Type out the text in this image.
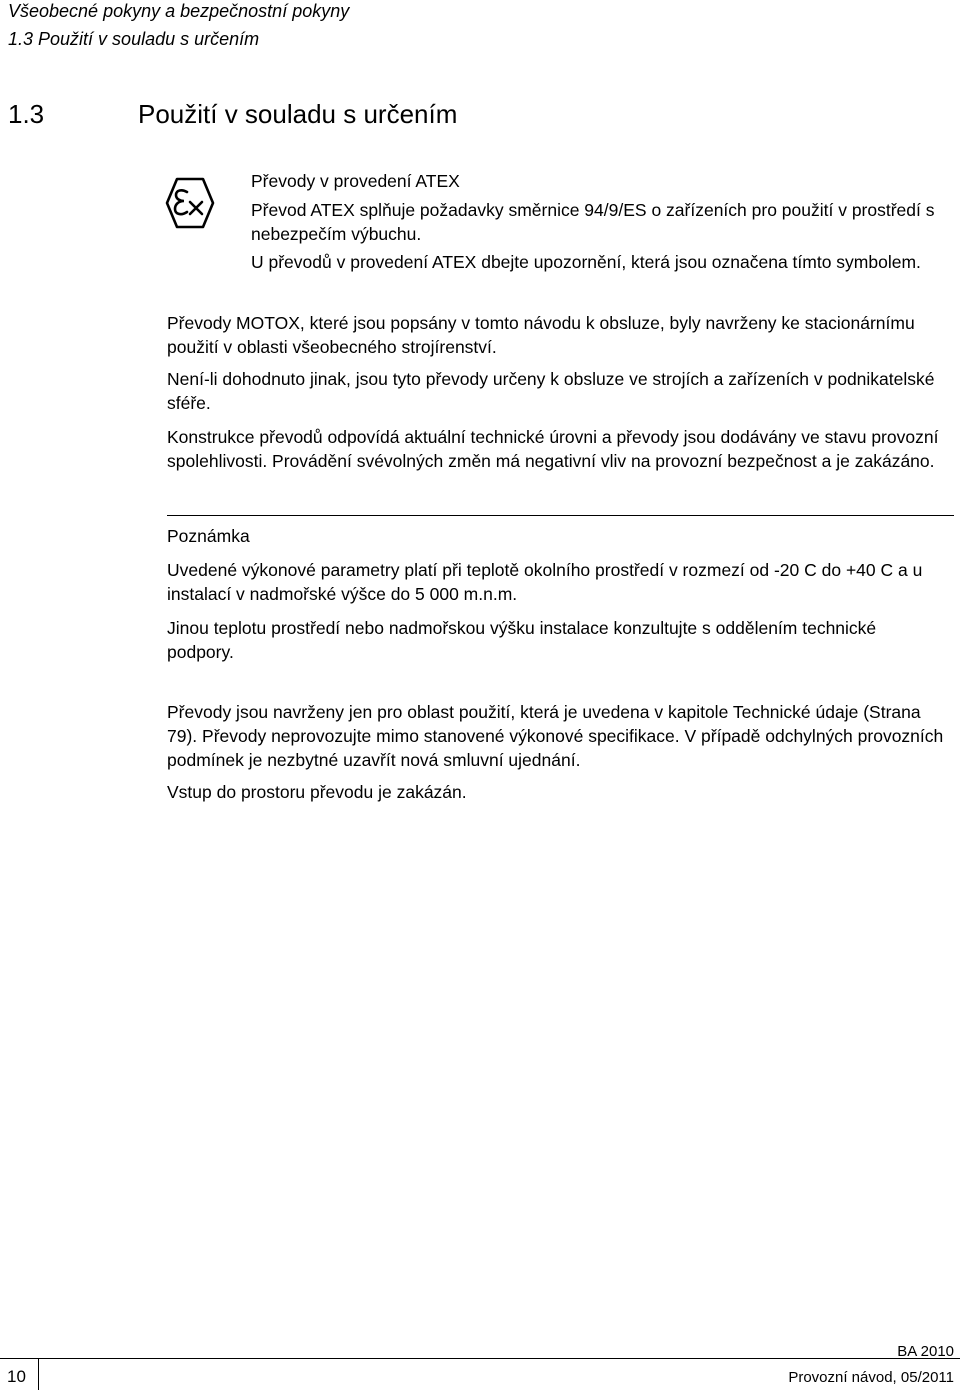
Všeobecné pokyny a bezpečnostní pokyny
1.3 Použití v souladu s určením
1.3	Použití v souladu s určením
Převody v provedení ATEX
Převod ATEX splňuje požadavky směrnice 94/9/ES o zařízeních pro použití v prostředí s nebezpečím výbuchu.
U převodů v provedení ATEX dbejte upozornění, která jsou označena tímto symbolem.
Převody MOTOX, které jsou popsány v tomto návodu k obsluze, byly navrženy ke stacionárnímu použití v oblasti všeobecného strojírenství.
Není-li dohodnuto jinak, jsou tyto převody určeny k obsluze ve strojích a zařízeních v podnikatelské sféře.
Konstrukce převodů odpovídá aktuální technické úrovni a převody jsou dodávány ve stavu provozní spolehlivosti. Provádění svévolných změn má negativní vliv na provozní bezpečnost a je zakázáno.
Poznámka
Uvedené výkonové parametry platí při teplotě okolního prostředí v rozmezí od -20 C do +40 C a u instalací v nadmořské výšce do 5 000 m.n.m.
Jinou teplotu prostředí nebo nadmořskou výšku instalace konzultujte s oddělením technické podpory.
Převody jsou navrženy jen pro oblast použití, která je uvedena v kapitole Technické údaje (Strana 79). Převody neprovozujte mimo stanovené výkonové specifikace. V případě odchylných provozních podmínek je nezbytné uzavřít nová smluvní ujednání.
Vstup do prostoru převodu je zakázán.
10
BA 2010
Provozní návod, 05/2011
